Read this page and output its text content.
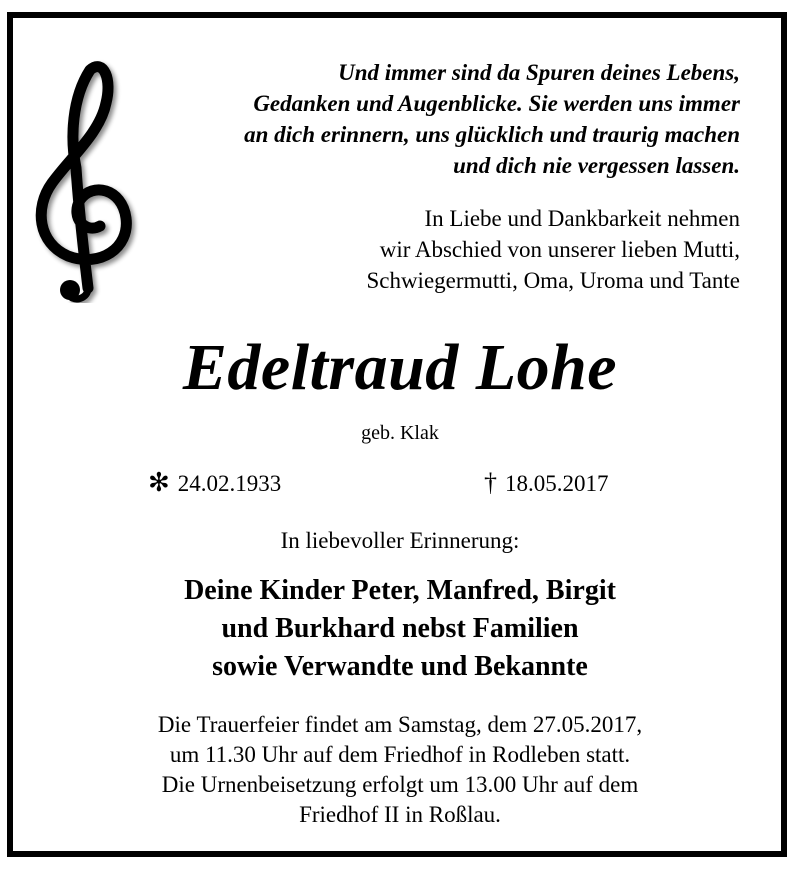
Und immer sind da Spuren deines Lebens,
Gedanken und Augenblicke. Sie werden uns immer
an dich erinnern, uns glücklich und traurig machen
und dich nie vergessen lassen.
In Liebe und Dankbarkeit nehmen
wir Abschied von unserer lieben Mutti,
Schwiegermutti, Oma, Uroma und Tante
Edeltraud Lohe
geb. Klak
✻ 24.02.1933	† 18.05.2017
In liebevoller Erinnerung:
Deine Kinder Peter, Manfred, Birgit
und Burkhard nebst Familien
sowie Verwandte und Bekannte
Die Trauerfeier findet am Samstag, dem 27.05.2017,
um 11.30 Uhr auf dem Friedhof in Rodleben statt.
Die Urnenbeisetzung erfolgt um 13.00 Uhr auf dem
Friedhof II in Roßlau.
